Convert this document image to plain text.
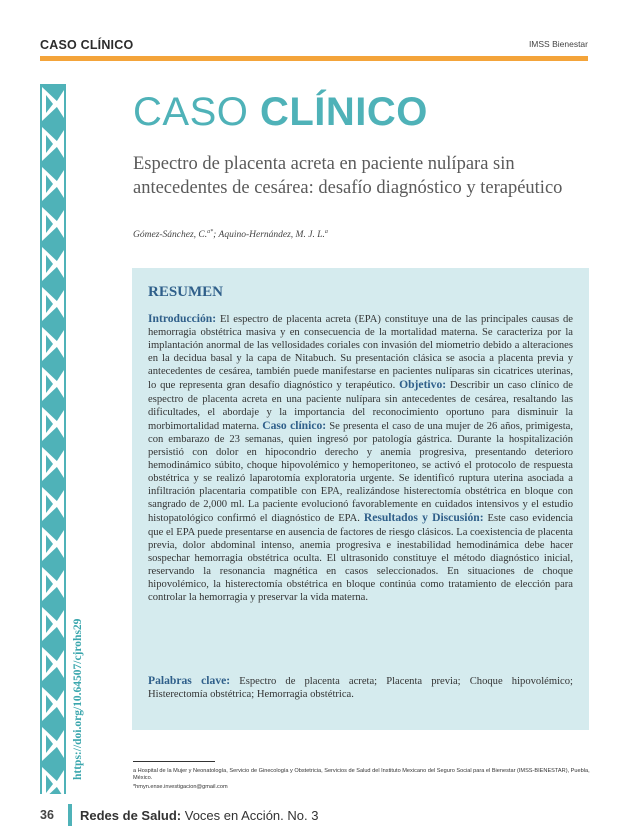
CASO CLÍNICO	IMSS Bienestar
https://doi.org/10.64507/cjrohs29
CASO CLÍNICO
Espectro de placenta acreta en paciente nulípara sin antecedentes de cesárea: desafío diagnóstico y terapéutico
Gómez-Sánchez, C.$^{a*}$; Aquino-Hernández, M. J. L.$^a$
RESUMEN
Introducción: El espectro de placenta acreta (EPA) constituye una de las principales causas de hemorragia obstétrica masiva y en consecuencia de la mortalidad materna. Se caracteriza por la implantación anormal de las vellosidades coriales con invasión del miometrio debido a alteraciones en la decidua basal y la capa de Nitabuch. Su presentación clásica se asocia a placenta previa y antecedentes de cesárea, también puede manifestarse en pacientes nulíparas sin cicatrices uterinas, lo que representa gran desafío diagnóstico y terapéutico. Objetivo: Describir un caso clínico de espectro de placenta acreta en una paciente nulípara sin antecedentes de cesárea, resaltando las dificultades, el abordaje y la importancia del reconocimiento oportuno para disminuir la morbimortalidad materna. Caso clínico: Se presenta el caso de una mujer de 26 años, primigesta, con embarazo de 23 semanas, quien ingresó por patología gástrica. Durante la hospitalización persistió con dolor en hipocondrio derecho y anemia progresiva, presentando deterioro hemodinámico súbito, choque hipovolémico y hemoperitoneo, se activó el protocolo de respuesta obstétrica y se realizó laparotomía exploratoria urgente. Se identificó ruptura uterina asociada a infiltración placentaria compatible con EPA, realizándose histerectomía obstétrica en bloque con sangrado de 2,000 ml. La paciente evolucionó favorablemente en cuidados intensivos y el estudio histopatológico confirmó el diagnóstico de EPA. Resultados y Discusión: Este caso evidencia que el EPA puede presentarse en ausencia de factores de riesgo clásicos. La coexistencia de placenta previa, dolor abdominal intenso, anemia progresiva e inestabilidad hemodinámica debe hacer sospechar hemorragia obstétrica oculta. El ultrasonido constituye el método diagnóstico inicial, reservando la resonancia magnética en casos seleccionados. En situaciones de choque hipovolémico, la histerectomía obstétrica en bloque continúa como tratamiento de elección para controlar la hemorragia y preservar la vida materna.
Palabras clave: Espectro de placenta acreta; Placenta previa; Choque hipovolémico; Histerectomía obstétrica; Hemorragia obstétrica.
a Hospital de la Mujer y Neonatología, Servicio de Ginecología y Obstetricia, Servicios de Salud del Instituto Mexicano del Seguro Social para el Bienestar (IMSS-BIENESTAR), Puebla, México.
*hmyn.ense.investigacion@gmail.com
36	Redes de Salud: Voces en Acción. No. 3
